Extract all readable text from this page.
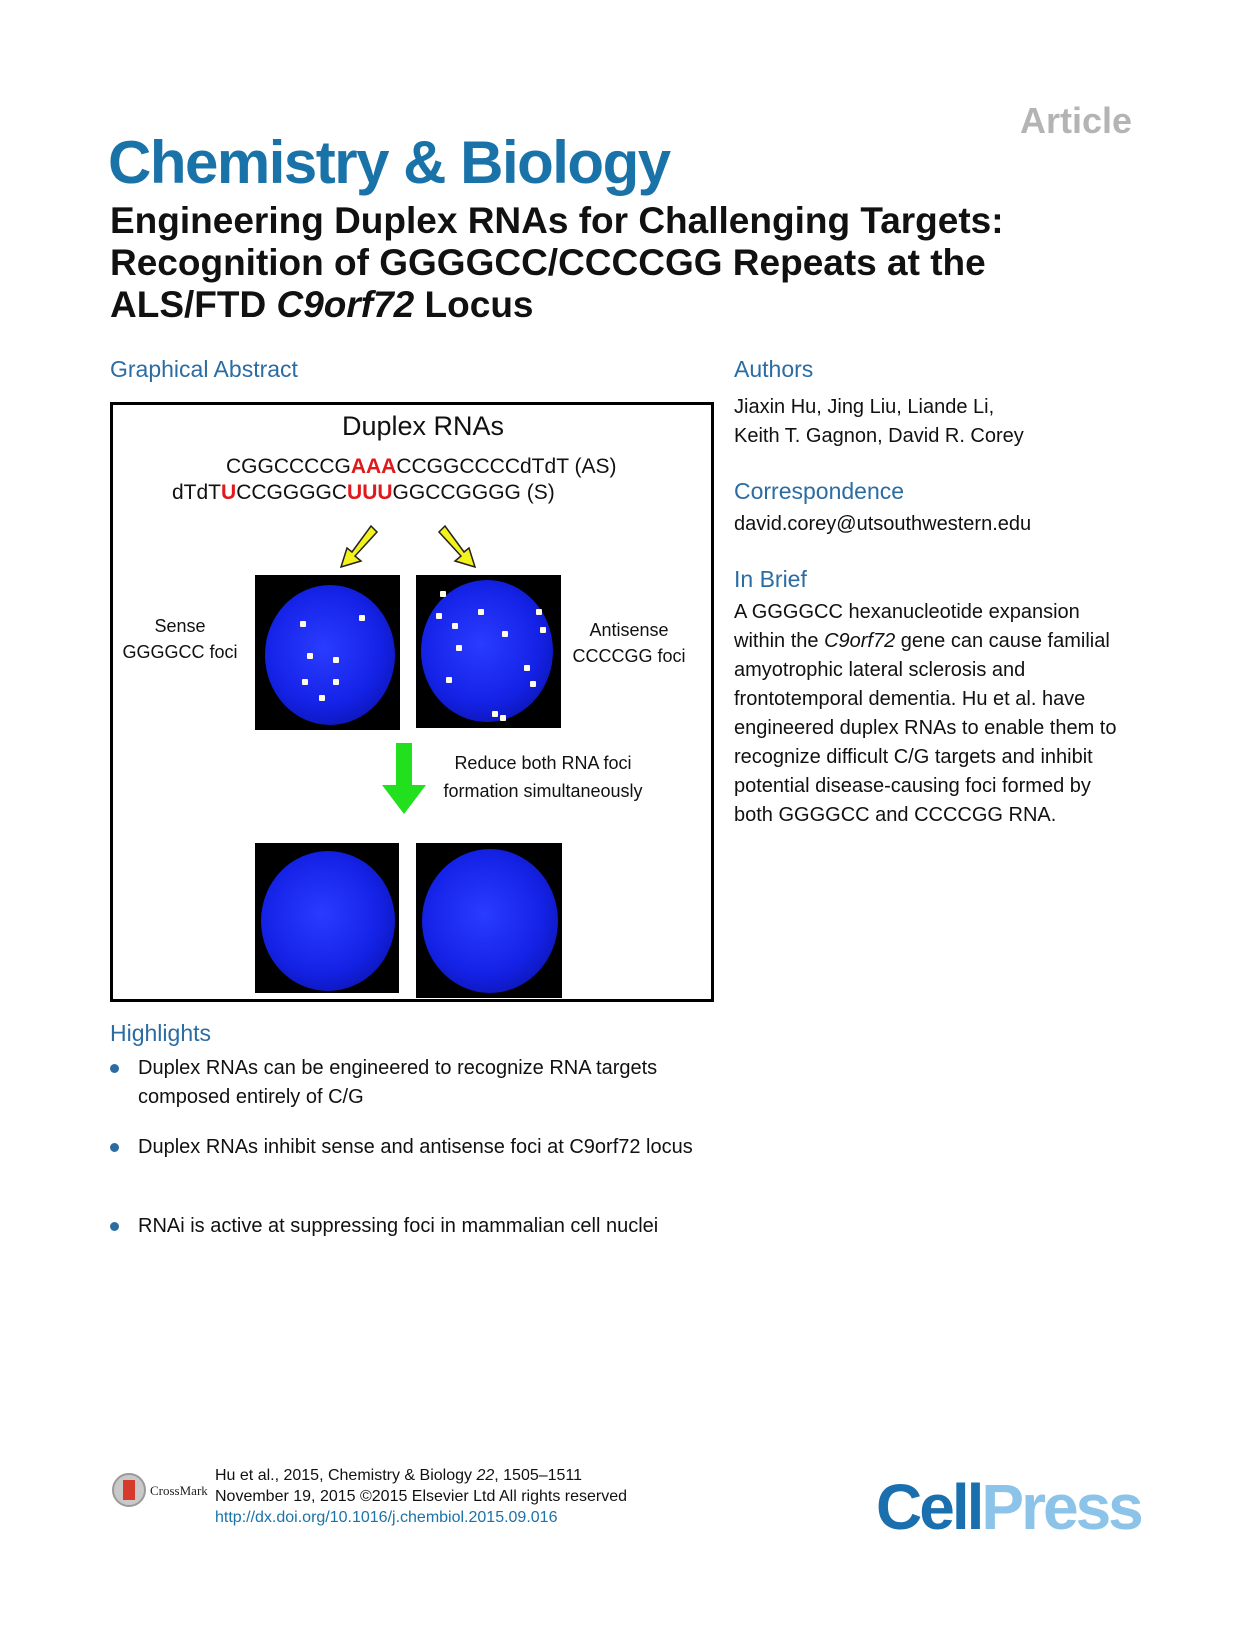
Article
Chemistry & Biology
Engineering Duplex RNAs for Challenging Targets:
Recognition of GGGGCC/CCCCGG Repeats at the
ALS/FTD C9orf72 Locus
Graphical Abstract
Duplex RNAs
CGGCCCCGAAACCGGCCCCdTdT (AS)
dTdTUCCGGGGCUUUGGCCGGGG (S)
Sense
GGGGCC foci
Antisense
CCCCGG foci
Reduce both RNA foci
formation simultaneously
Authors
Jiaxin Hu, Jing Liu, Liande Li,
Keith T. Gagnon, David R. Corey
Correspondence
david.corey@utsouthwestern.edu
In Brief
A GGGGCC hexanucleotide expansion within the C9orf72 gene can cause familial amyotrophic lateral sclerosis and frontotemporal dementia. Hu et al. have engineered duplex RNAs to enable them to recognize difficult C/G targets and inhibit potential disease-causing foci formed by both GGGGCC and CCCCGG RNA.
Highlights
Duplex RNAs can be engineered to recognize RNA targets composed entirely of C/G
Duplex RNAs inhibit sense and antisense foci at C9orf72 locus
RNAi is active at suppressing foci in mammalian cell nuclei
CrossMark
Hu et al., 2015, Chemistry & Biology 22, 1505–1511
November 19, 2015 ©2015 Elsevier Ltd All rights reserved
http://dx.doi.org/10.1016/j.chembiol.2015.09.016	CellPress
